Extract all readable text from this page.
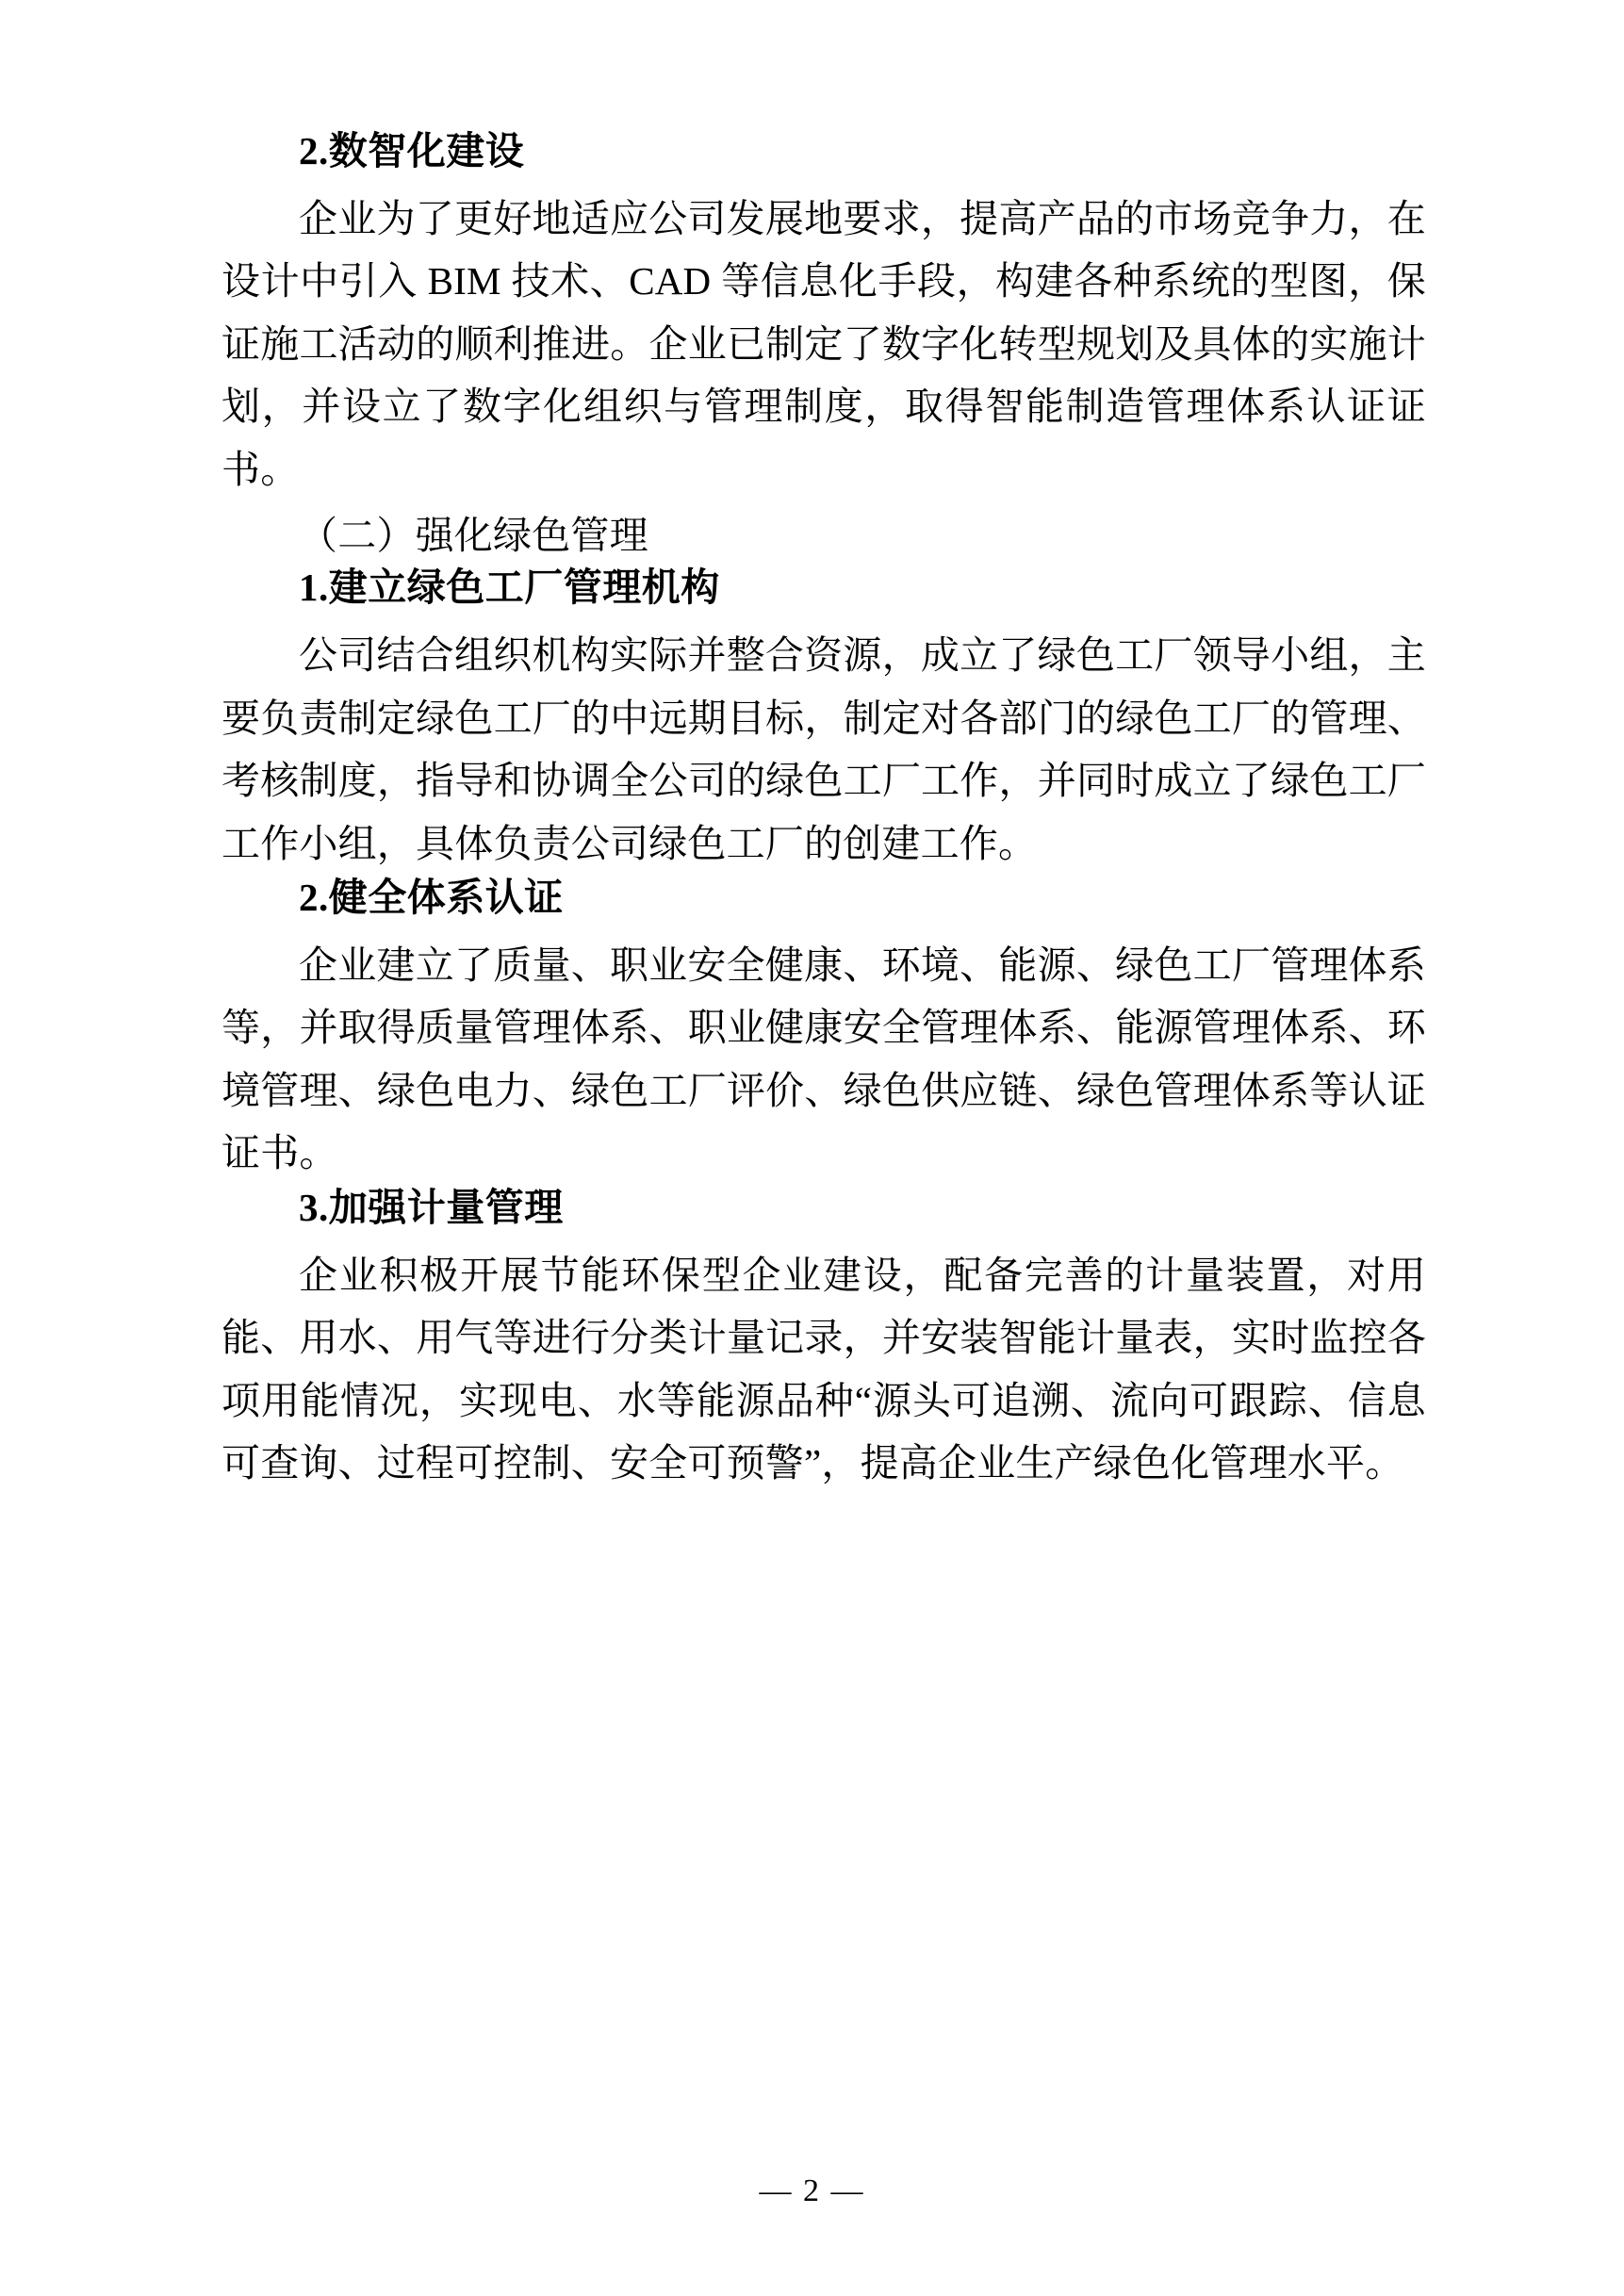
2.数智化建设
企业为了更好地适应公司发展地要求，提高产品的市场竞争力，在设计中引入 BIM 技术、CAD 等信息化手段，构建各种系统的型图，保证施工活动的顺利推进。企业已制定了数字化转型规划及具体的实施计划，并设立了数字化组织与管理制度，取得智能制造管理体系认证证书。
（二）强化绿色管理
1.建立绿色工厂管理机构
公司结合组织机构实际并整合资源，成立了绿色工厂领导小组，主要负责制定绿色工厂的中远期目标，制定对各部门的绿色工厂的管理、考核制度，指导和协调全公司的绿色工厂工作，并同时成立了绿色工厂工作小组，具体负责公司绿色工厂的创建工作。
2.健全体系认证
企业建立了质量、职业安全健康、环境、能源、绿色工厂管理体系等，并取得质量管理体系、职业健康安全管理体系、能源管理体系、环境管理、绿色电力、绿色工厂评价、绿色供应链、绿色管理体系等认证证书。
3.加强计量管理
企业积极开展节能环保型企业建设，配备完善的计量装置，对用能、用水、用气等进行分类计量记录，并安装智能计量表，实时监控各项用能情况，实现电、水等能源品种“源头可追溯、流向可跟踪、信息可查询、过程可控制、安全可预警”，提高企业生产绿色化管理水平。
— 2 —
